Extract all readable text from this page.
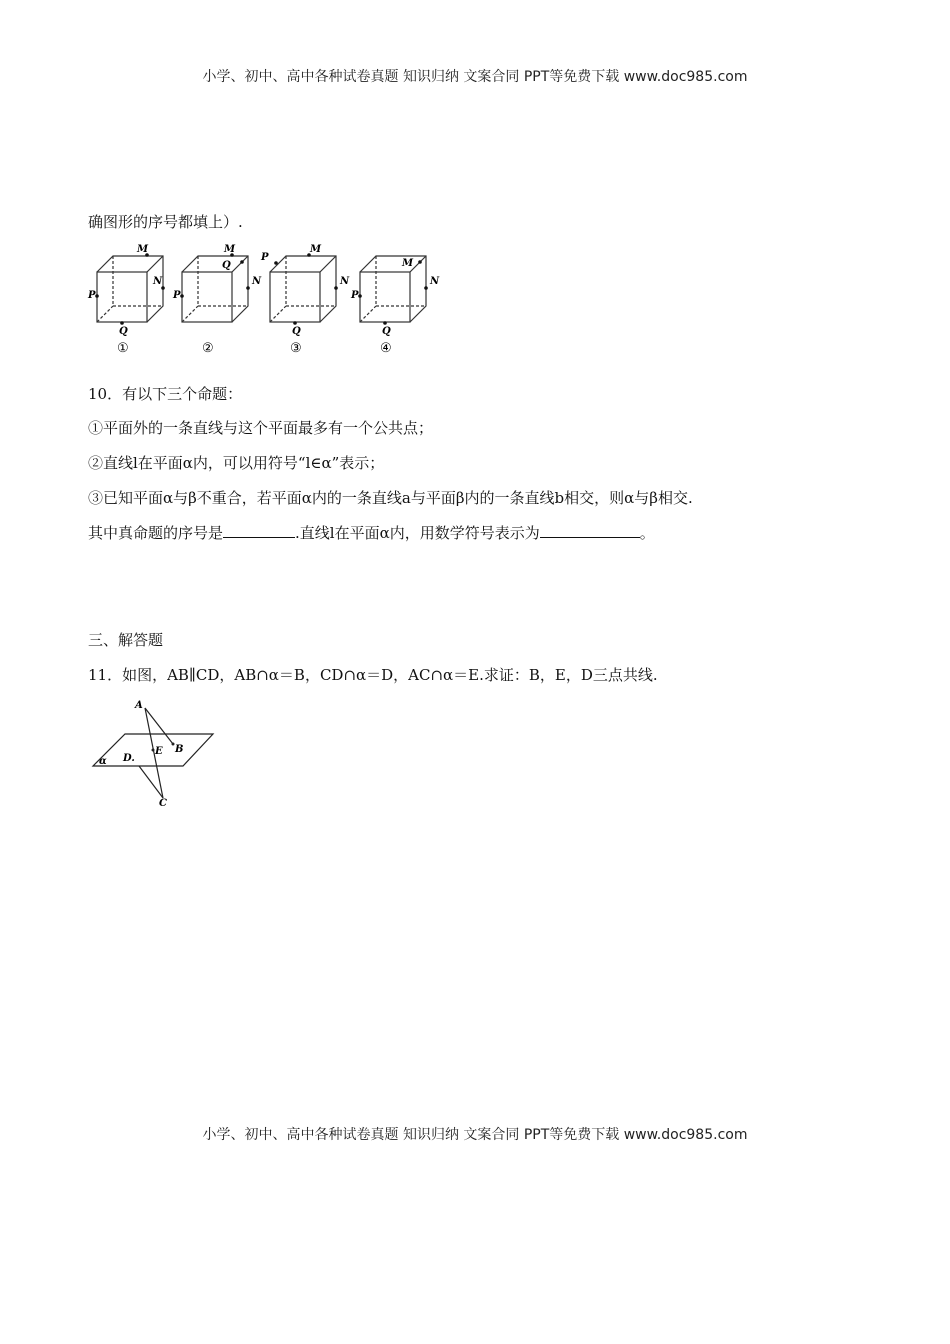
小学、初中、高中各种试卷真题 知识归纳 文案合同 PPT等免费下载 www.doc985.com
确图形的序号都填上）.
M
N
P
Q
①
M
Q
N
P
②
P
M
N
Q
③
M
N
P
Q
④
10．有以下三个命题：
①平面外的一条直线与这个平面最多有一个公共点；
②直线l在平面α内，可以用符号“l∈α”表示；
③已知平面α与β不重合，若平面α内的一条直线a与平面β内的一条直线b相交，则α与β相交.
其中真命题的序号是	.直线l在平面α内，用数学符号表示为	。
三、解答题
11．如图，AB∥CD，AB∩α＝B，CD∩α＝D，AC∩α＝E.求证：B，E，D三点共线.
A
B
C
D.
E
α
小学、初中、高中各种试卷真题 知识归纳 文案合同 PPT等免费下载 www.doc985.com
